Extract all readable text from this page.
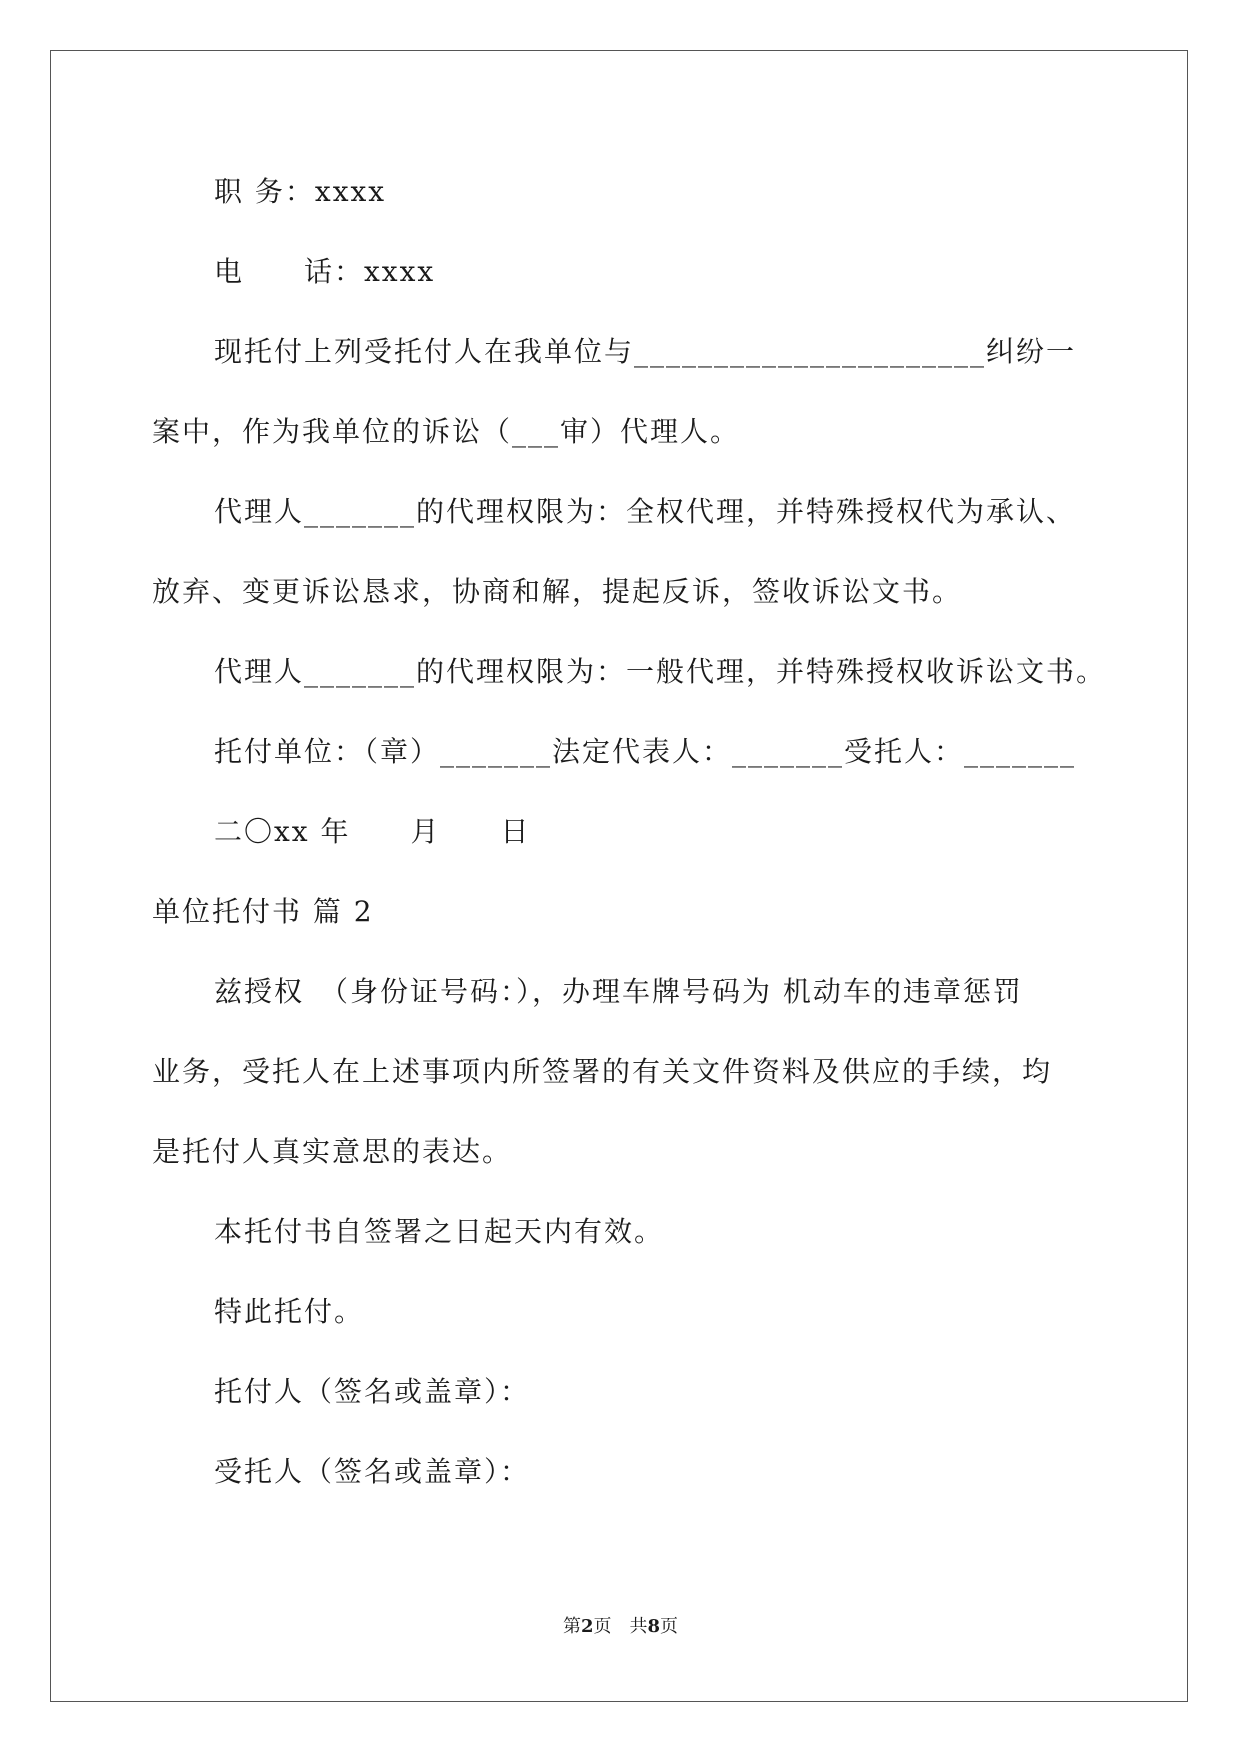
职 务：xxxx
电　　话：xxxx
现托付上列受托付人在我单位与______________________纠纷一
案中，作为我单位的诉讼（___审）代理人。
代理人_______的代理权限为：全权代理，并特殊授权代为承认、
放弃、变更诉讼恳求，协商和解，提起反诉，签收诉讼文书。
代理人_______的代理权限为：一般代理，并特殊授权收诉讼文书。
托付单位：（章）_______法定代表人：_______受托人：_______
二〇xx 年　　月　　日
单位托付书 篇 2
兹授权　（身份证号码：），办理车牌号码为 机动车的违章惩罚
业务，受托人在上述事项内所签署的有关文件资料及供应的手续，均
是托付人真实意思的表达。
本托付书自签署之日起天内有效。
特此托付。
托付人（签名或盖章）：
受托人（签名或盖章）：
第2页　共8页
